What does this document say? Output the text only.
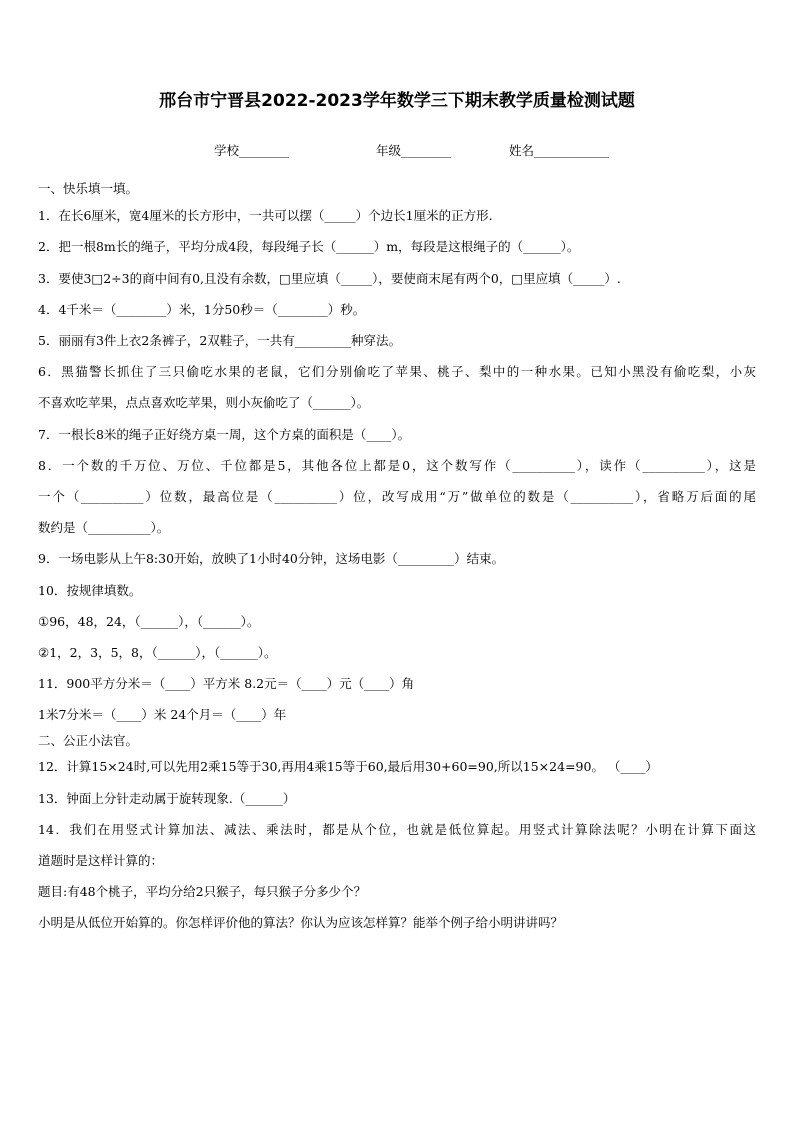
邢台市宁晋县2022-2023学年数学三下期末教学质量检测试题
学校________	年级________	姓名____________
一、快乐填一填。
1．在长6厘米，宽4厘米的长方形中，一共可以摆（_____）个边长1厘米的正方形.
2．把一根8m长的绳子，平均分成4段，每段绳子长（______）m，每段是这根绳子的（______）。
3．要使3□2÷3的商中间有0,且没有余数，□里应填（_____），要使商末尾有两个0，□里应填（_____）.
4．4千米＝（________）米，1分50秒＝（________）秒。
5．丽丽有3件上衣2条裤子，2双鞋子，一共有_________种穿法。
6．黑猫警长抓住了三只偷吃水果的老鼠，它们分别偷吃了苹果、桃子、梨中的一种水果。已知小黑没有偷吃梨，小灰
不喜欢吃苹果，点点喜欢吃苹果，则小灰偷吃了（______）。
7．一根长8米的绳子正好绕方桌一周，这个方桌的面积是（____）。
8．一个数的千万位、万位、千位都是5，其他各位上都是0，这个数写作（__________），读作（__________），这是
一个（__________）位数，最高位是（__________）位，改写成用“万”做单位的数是（__________），省略万后面的尾
数约是（__________）。
9．一场电影从上午8:30开始，放映了1小时40分钟，这场电影（_________）结束。
10．按规律填数。
①96，48，24，（______），（______）。
②1，2，3，5，8，（______），（______）。
11．900平方分米＝（____）平方米 8.2元＝（____）元（____）角
1米7分米＝（____）米 24个月＝（____）年
二、公正小法官。
12．计算15×24时,可以先用2乘15等于30,再用4乘15等于60,最后用30+60=90,所以15×24=90。 （____）
13．钟面上分针走动属于旋转现象.（______）
14．我们在用竖式计算加法、减法、乘法时，都是从个位，也就是低位算起。用竖式计算除法呢？小明在计算下面这
道题时是这样计算的：
题目:有48个桃子，平均分给2只猴子，每只猴子分多少个？
小明是从低位开始算的。你怎样评价他的算法？你认为应该怎样算？能举个例子给小明讲讲吗？
